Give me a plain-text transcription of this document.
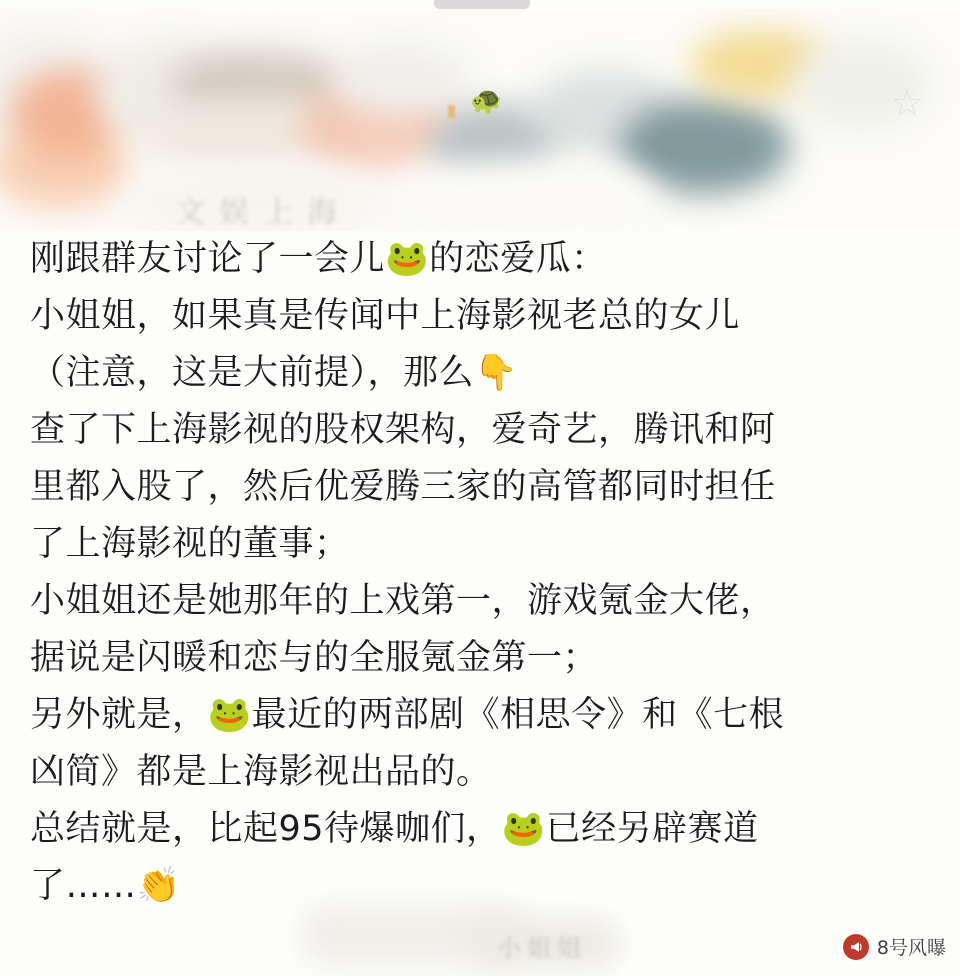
🐢	☆
文娱上海
刚跟群友讨论了一会儿🐸的恋爱瓜：
小姐姐，如果真是传闻中上海影视老总的女儿
（注意，这是大前提），那么👇
查了下上海影视的股权架构，爱奇艺，腾讯和阿
里都入股了，然后优爱腾三家的高管都同时担任
了上海影视的董事；
小姐姐还是她那年的上戏第一，游戏氪金大佬，
据说是闪暖和恋与的全服氪金第一；
另外就是，🐸最近的两部剧《相思令》和《七根
凶简》都是上海影视出品的。
总结就是，比起95待爆咖们，🐸已经另辟赛道
了……👏
小姐姐	8号风曝
